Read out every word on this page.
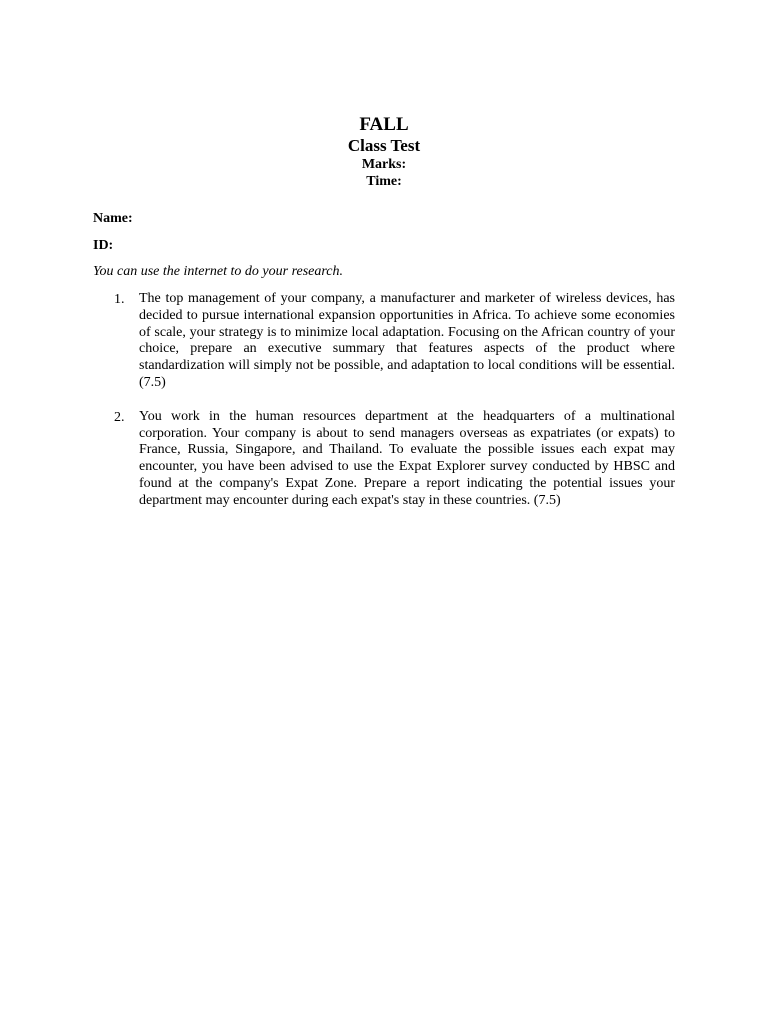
FALL
Class Test
Marks:
Time:
Name:
ID:
You can use the internet to do your research.
1. The top management of your company, a manufacturer and marketer of wireless devices, has decided to pursue international expansion opportunities in Africa. To achieve some economies of scale, your strategy is to minimize local adaptation. Focusing on the African country of your choice, prepare an executive summary that features aspects of the product where standardization will simply not be possible, and adaptation to local conditions will be essential. (7.5)
2. You work in the human resources department at the headquarters of a multinational corporation. Your company is about to send managers overseas as expatriates (or expats) to France, Russia, Singapore, and Thailand. To evaluate the possible issues each expat may encounter, you have been advised to use the Expat Explorer survey conducted by HBSC and found at the company's Expat Zone. Prepare a report indicating the potential issues your department may encounter during each expat's stay in these countries. (7.5)
